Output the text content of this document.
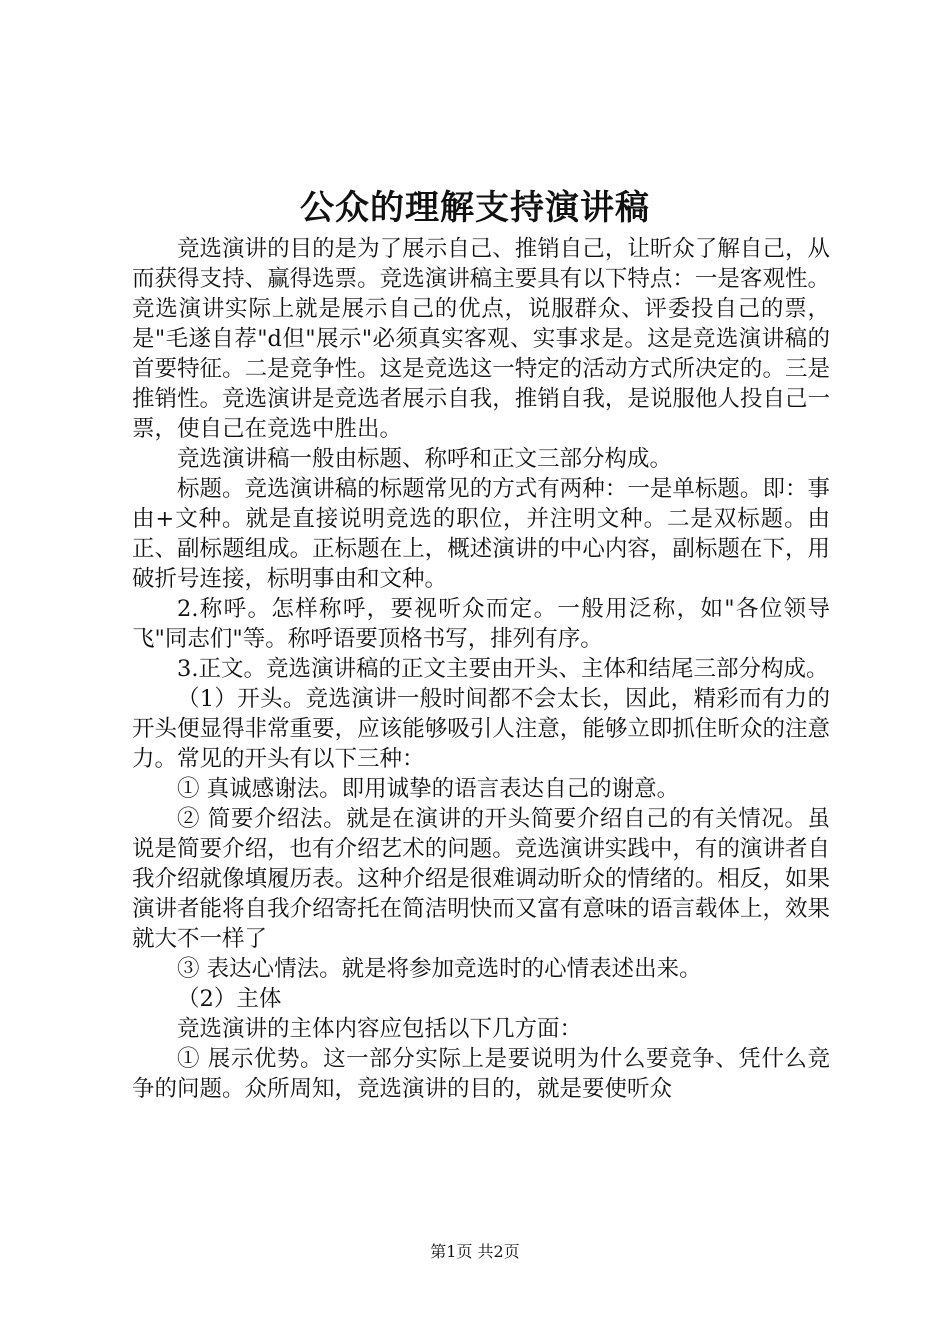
公众的理解支持演讲稿

竞选演讲的目的是为了展示自己、推销自己，让昕众了解自己，从而获得支持、赢得选票。竞选演讲稿主要具有以下特点：一是客观性。竞选演讲实际上就是展示自己的优点，说服群众、评委投自己的票，是"毛遂自荐"d但"展示"必须真实客观、实事求是。这是竞选演讲稿的首要特征。二是竞争性。这是竞选这一特定的活动方式所决定的。三是推销性。竞选演讲是竞选者展示自我，推销自我，是说服他人投自己一票，使自己在竞选中胜出。

竞选演讲稿一般由标题、称呼和正文三部分构成。

标题。竞选演讲稿的标题常见的方式有两种：一是单标题。即：事由+文种。就是直接说明竞选的职位，并注明文种。二是双标题。由正、副标题组成。正标题在上，概述演讲的中心内容，副标题在下，用破折号连接，标明事由和文种。

2.称呼。怎样称呼，要视听众而定。一般用泛称，如"各位领导飞"同志们"等。称呼语要顶格书写，排列有序。

3.正文。竞选演讲稿的正文主要由开头、主体和结尾三部分构成。

（1）开头。竞选演讲一般时间都不会太长，因此，精彩而有力的开头便显得非常重要，应该能够吸引人注意，能够立即抓住昕众的注意力。常见的开头有以下三种：

① 真诚感谢法。即用诚挚的语言表达自己的谢意。

② 简要介绍法。就是在演讲的开头简要介绍自己的有关情况。虽说是简要介绍，也有介绍艺术的问题。竞选演讲实践中，有的演讲者自我介绍就像填履历表。这种介绍是很难调动昕众的情绪的。相反，如果演讲者能将自我介绍寄托在简洁明快而又富有意味的语言载体上，效果就大不一样了

③ 表达心情法。就是将参加竞选时的心情表述出来。

（2）主体

竞选演讲的主体内容应包括以下几方面：

① 展示优势。这一部分实际上是要说明为什么要竞争、凭什么竞争的问题。众所周知，竞选演讲的目的，就是要使听众

第1页 共2页
